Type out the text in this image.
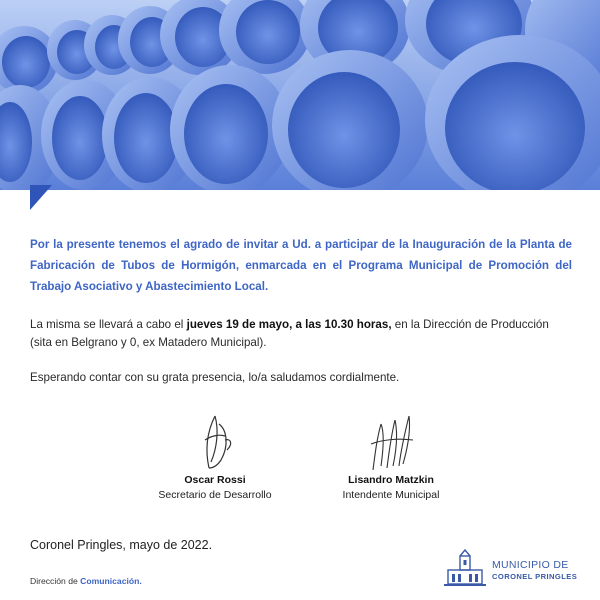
Por la presente tenemos el agrado de invitar a Ud. a participar de la Inauguración de la Planta de Fabricación de Tubos de Hormigón, enmarcada en el Programa Municipal de Promoción del Trabajo Asociativo y Abastecimiento Local.

La misma se llevará a cabo el jueves 19 de mayo, a las 10.30 horas, en la Dirección de Producción (sita en Belgrano y 0, ex Matadero Municipal).

Esperando contar con su grata presencia, lo/a saludamos cordialmente.

Oscar Rossi
Secretario de Desarrollo
Lisandro Matzkin
Intendente Municipal
Coronel Pringles, mayo de 2022.
Dirección de Comunicación.
MUNICIPIO DE
CORONEL PRINGLES
